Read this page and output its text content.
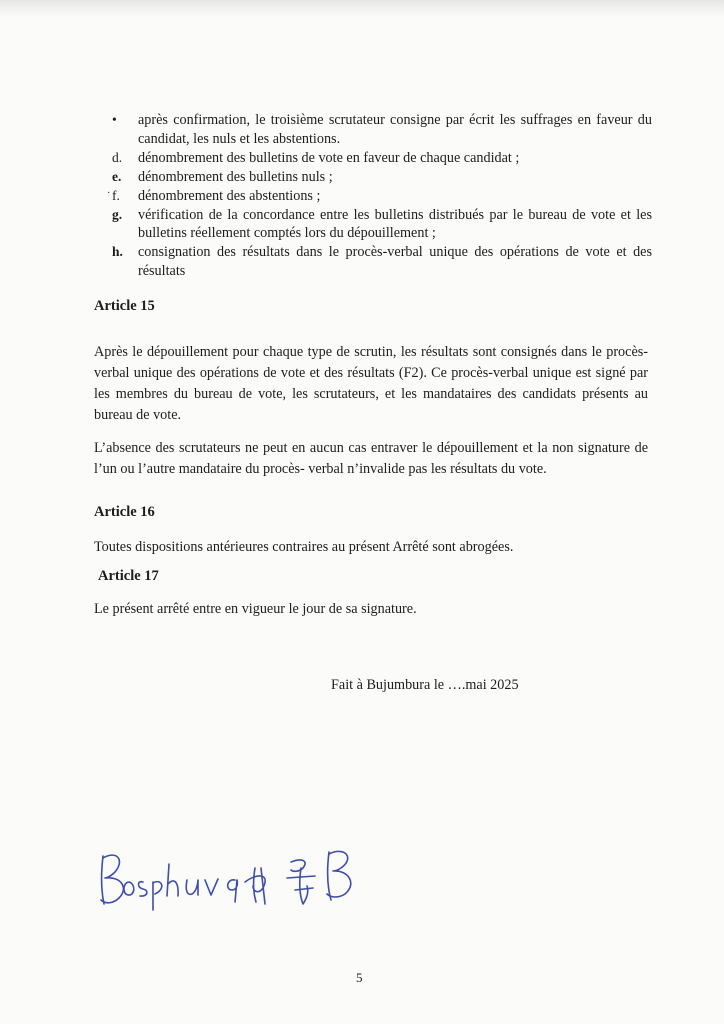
•	après confirmation, le troisième scrutateur consigne par écrit les suffrages en faveur du candidat, les nuls et les abstentions.
d.	dénombrement des bulletins de vote en faveur de chaque candidat ;
e.	dénombrement des bulletins nuls ;
f.	dénombrement des abstentions ;
g.	vérification de la concordance entre les bulletins distribués par le bureau de vote et les bulletins réellement comptés lors du dépouillement ;
h.	consignation des résultats dans le procès-verbal unique des opérations de vote et des résultats
·
Article 15
Après le dépouillement pour chaque type de scrutin, les résultats sont consignés dans le procès-verbal unique des opérations de vote et des résultats (F2). Ce procès-verbal unique est signé par les membres du bureau de vote, les scrutateurs, et les mandataires des candidats présents au bureau de vote.
L’absence des scrutateurs ne peut en aucun cas entraver le dépouillement et la non signature de l’un ou l’autre mandataire du procès- verbal n’invalide pas les résultats du vote.
Article 16
Toutes dispositions antérieures contraires au présent Arrêté sont abrogées.
Article 17
Le présent arrêté entre en vigueur le jour de sa signature.
Fait à Bujumbura le ….mai 2025
5
